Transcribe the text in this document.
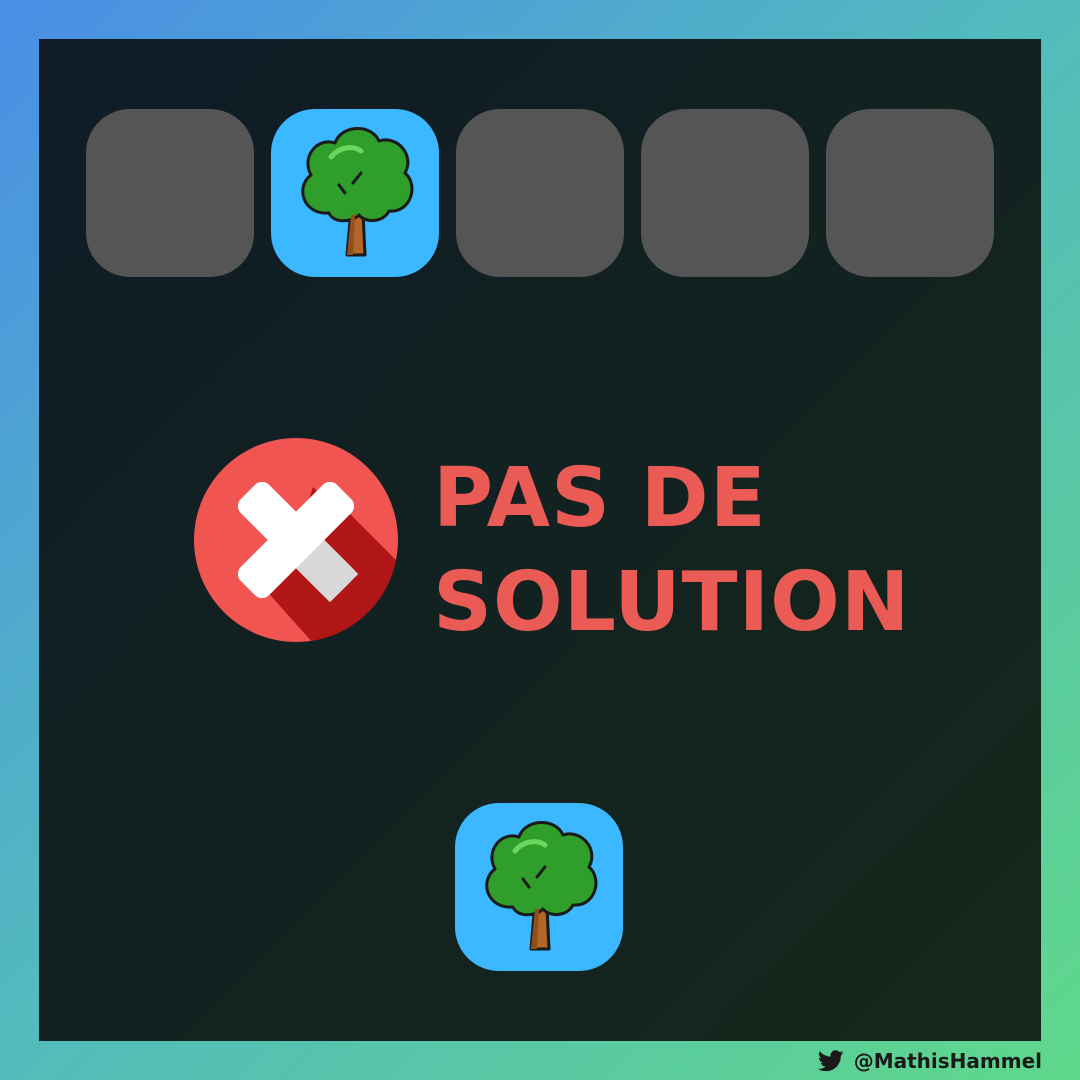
PAS DE
SOLUTION
@MathisHammel
